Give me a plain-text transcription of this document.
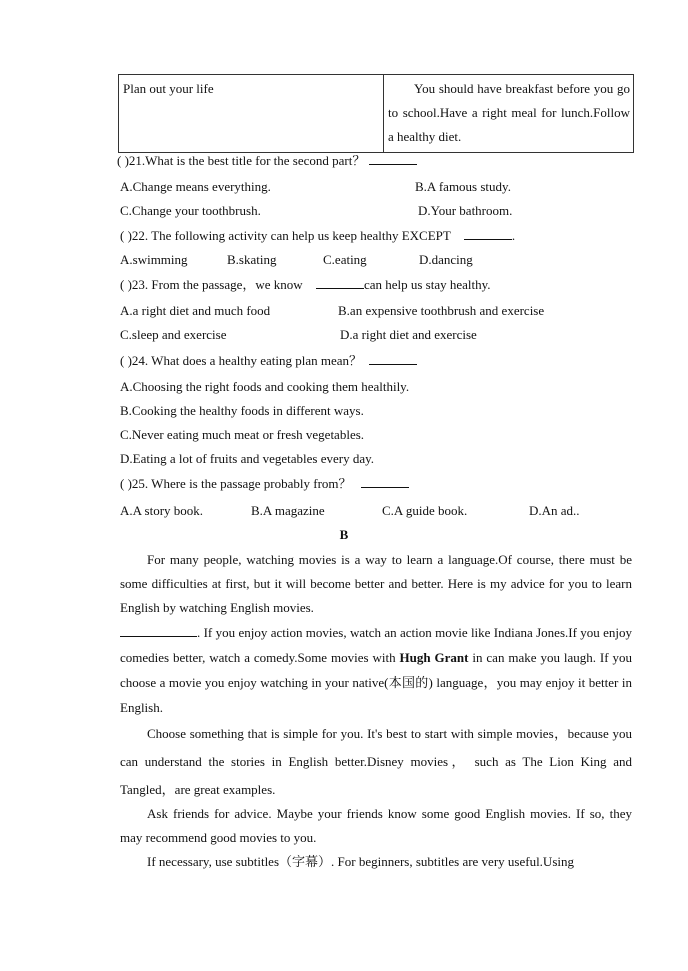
Plan out your life	You should have breakfast before you go to school.Have a right meal for lunch.Follow a healthy diet.
( )21.What is the best title for the second part？
A.Change means everything.	B.A famous study.
C.Change your toothbrush.	D.Your bathroom.
( )22. The following activity can help us keep healthy EXCEPT	.
A.swimming	B.skating	C.eating	D.dancing
( )23. From the passage，we know	can help us stay healthy.
A.a right diet and much food	B.an expensive toothbrush and exercise
C.sleep and exercise	D.a right diet and exercise
( )24. What does a healthy eating plan mean？
A.Choosing the right foods and cooking them healthily.
B.Cooking the healthy foods in different ways.
C.Never eating much meat or fresh vegetables.
D.Eating a lot of fruits and vegetables every day.
( )25. Where is the passage probably from？
A.A story book.	B.A magazine	C.A guide book.	D.An ad..
B
For many people, watching movies is a way to learn a language.Of course, there must be some difficulties at first, but it will become better and better. Here is my advice for you to learn English by watching English movies.
. If you enjoy action movies, watch an action movie like Indiana Jones.If you enjoy comedies better, watch a comedy.Some movies with Hugh Grant in can make you laugh. If you choose a movie you enjoy watching in your native(本国的) language，you may enjoy it better in English.
Choose something that is simple for you. It's best to start with simple movies，because you can understand the stories in English better.Disney movies， such as The Lion King and Tangled，are great examples.
Ask friends for advice. Maybe your friends know some good English movies. If so, they may recommend good movies to you.
If necessary, use subtitles（字幕）. For beginners, subtitles are very useful.Using
